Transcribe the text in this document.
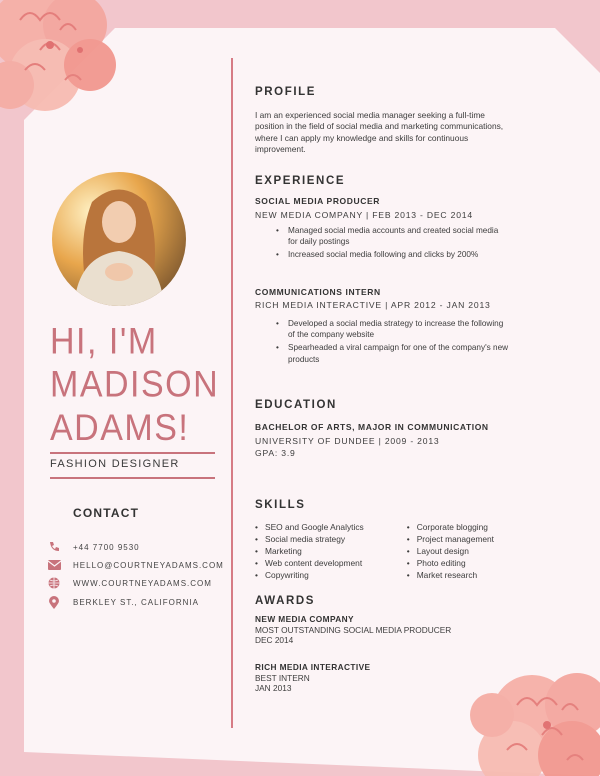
HI, I'M
MADISON
ADAMS!
FASHION DESIGNER
CONTACT
+44 7700 9530
HELLO@COURTNEYADAMS.COM
WWW.COURTNEYADAMS.COM
BERKLEY ST., CALIFORNIA
PROFILE
I am an experienced social media manager seeking a full-time
position in the field of social media and marketing communications,
where I can apply my knowledge and skills for continuous
improvement.
EXPERIENCE
SOCIAL MEDIA PRODUCER
NEW MEDIA COMPANY | FEB 2013 - DEC 2014
• Managed social media accounts and created social media
for daily postings
• Increased social media following and clicks by 200%
COMMUNICATIONS INTERN
RICH MEDIA INTERACTIVE | APR 2012 - JAN 2013
• Developed a social media strategy to increase the following
of the company website
• Spearheaded a viral campaign for one of the company's new
products
EDUCATION
BACHELOR OF ARTS, MAJOR IN COMMUNICATION
UNIVERSITY OF DUNDEE | 2009 - 2013
GPA: 3.9
SKILLS
• SEO and Google Analytics
• Social media strategy
• Marketing
• Web content development
• Copywriting
• Corporate blogging
• Project management
• Layout design
• Photo editing
• Market research
AWARDS
NEW MEDIA COMPANY
MOST OUTSTANDING SOCIAL MEDIA PRODUCER
DEC 2014
RICH MEDIA INTERACTIVE
BEST INTERN
JAN 2013
